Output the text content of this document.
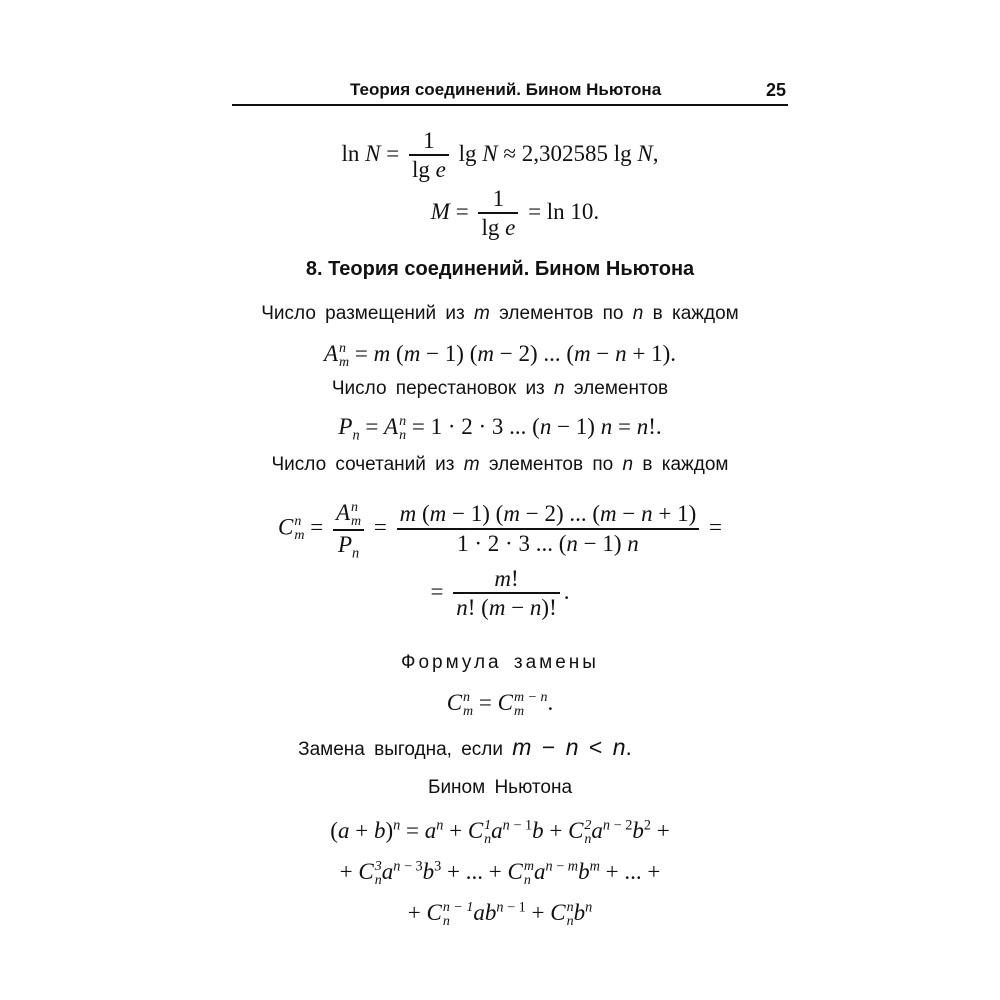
Теория соединений. Бином Ньютона	25
$\ln N = \frac{1}{\text{lg e}}$ lg N ≈ 2,302585 lg N,
$M = \frac{1}{\text{lg e}} = \ln 10$.
8. Теория соединений. Бином Ньютона
Число размещений из m элементов по n в каждом
A n
m = m (m − 1) (m − 2) ... (m − n + 1).
Число перестановок из n элементов
$P_n = A$ n
n = 1 · 2 · 3 ... (n − 1) n = n!.
Число сочетаний из m элементов по n в каждом
C n
m = A n
m
$P_n = \frac{m (m - 1) (m - 2) ... (m - n + 1)}{1 \cdot 2 \cdot 3 ... (n - 1) n}$ =
= $\frac{m!}{n! (m - n)!}$ .
Формула замены
C n
m = C m − n
m	.
Замена выгодна, если m − n < n.
Бином Ньютона
$(a + b)^n = a^n + C$ 1
n $a^{n - 1}b + C$ 2
n $a^{n - 2}b^2$ +
+ C 3
n $a^{n - 3}b^3$ + ... + C m
n $a^{n - m}b^m$ + ... +
+ C n − 1
n	$ab^{n - 1} + C$ n
n $b^n$
